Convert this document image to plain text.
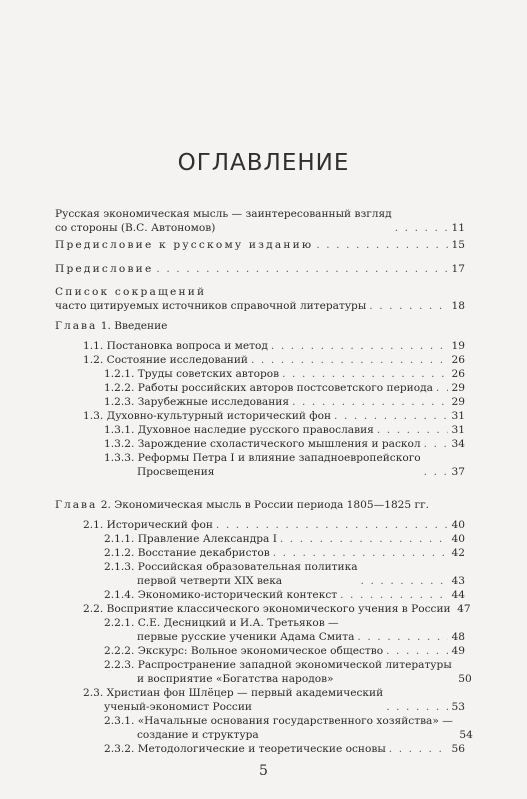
ОГЛАВЛЕНИЕ
Русская экономическая мысль — заинтересованный взгляд
со стороны (В.С. Автономов) . . .	11
Предисловие к русскому изданию . . .	15
Предисловие . . .	17
Список сокращений
часто цитируемых источников справочной литературы . . .	18
Глава 1. Введение
1.1. Постановка вопроса и метод . . .	19
1.2. Состояние исследований . . .	26
1.2.1. Труды советских авторов . . .	26
1.2.2. Работы российских авторов постсоветского периода . . . 29
1.2.3. Зарубежные исследования . . .	29
1.3. Духовно-культурный исторический фон . . .	31
1.3.1. Духовное наследие русского православия . . .	31
1.3.2. Зарождение схоластического мышления и раскол . . .	34
1.3.3. Реформы Петра I и влияние западноевропейского
Просвещения . . .	37
Глава 2. Экономическая мысль в России периода 1805—1825 гг.
2.1. Исторический фон . . .	40
2.1.1. Правление Александра I . . .	40
2.1.2. Восстание декабристов . . .	42
2.1.3. Российская образовательная политика
первой четверти XIX века . . .	43
2.1.4. Экономико-исторический контекст . . .	44
2.2. Восприятие классического экономического учения в России 47
2.2.1. С.Е. Десницкий и И.А. Третьяков —
первые русские ученики Адама Смита . . .	48
2.2.2. Экскурс: Вольное экономическое общество . . .	49
2.2.3. Распространение западной экономической литературы
и восприятие «Богатства народов»	50
2.3. Христиан фон Шлёцер — первый академический
ученый-экономист России . . .	53
2.3.1. «Начальные основания государственного хозяйства» —
создание и структура	54
2.3.2. Методологические и теоретические основы . . .	56
5
